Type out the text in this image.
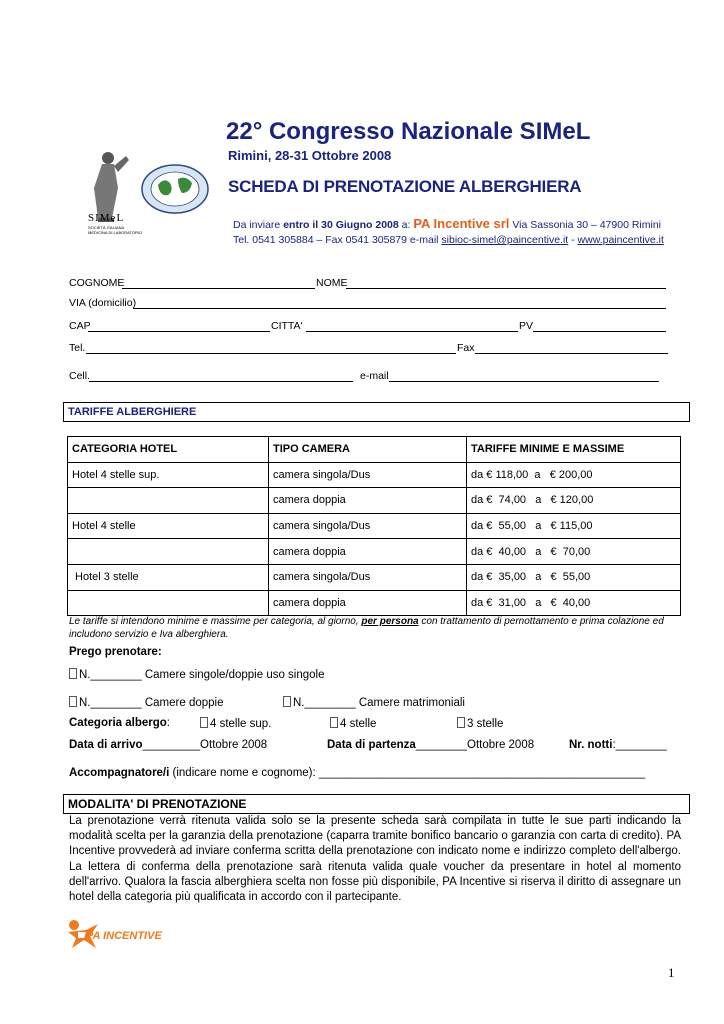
SIMeL
SOCIETÀ ITALIANA
MEDICINA DI LABORATORIO
22° Congresso Nazionale SIMeL
Rimini, 28-31 Ottobre 2008
SCHEDA DI PRENOTAZIONE ALBERGHIERA
Da inviare entro il 30 Giugno 2008 a: PA Incentive srl Via Sassonia 30 – 47900 Rimini
Tel. 0541 305884 – Fax 0541 305879 e-mail sibioc-simel@paincentive.it - www.paincentive.it
COGNOME	NOME
VIA (domicilio)
CAP	CITTA'	PV
Tel.	Fax
Cell.	e-mail
TARIFFE ALBERGHIERE
CATEGORIA HOTEL	TIPO CAMERA	TARIFFE MINIME E MASSIME
Hotel 4 stelle sup.	camera singola/Dus	da € 118,00  a   € 200,00
	camera doppia	da €  74,00   a   € 120,00
Hotel 4 stelle	camera singola/Dus	da €  55,00   a   € 115,00
	camera doppia	da €  40,00   a   €  70,00
Hotel 3 stelle	camera singola/Dus	da €  35,00   a   €  55,00
	camera doppia	da €  31,00   a   €  40,00
Le tariffe si intendono minime e massime per categoria, al giorno, per persona con trattamento di pernottamento e prima colazione ed includono servizio e Iva alberghiera.
Prego prenotare:
N.________ Camere singole/doppie uso singole
N.________ Camere doppie	N.________ Camere matrimoniali
Categoria albergo:	4 stelle sup.	4 stelle	3 stelle
Data di arrivo_________Ottobre 2008	Data di partenza________Ottobre 2008	Nr. notti:________
Accompagnatore/i (indicare nome e cognome): ___________________________________________________
MODALITA' DI PRENOTAZIONE
La prenotazione verrà ritenuta valida solo se la presente scheda sarà compilata in tutte le sue parti indicando la modalità scelta per la garanzia della prenotazione (caparra tramite bonifico bancario o garanzia con carta di credito). PA Incentive provvederà ad inviare conferma scritta della prenotazione con indicato nome e indirizzo completo dell'albergo. La lettera di conferma della prenotazione sarà ritenuta valida quale voucher da presentare in hotel al momento dell'arrivo. Qualora la fascia alberghiera scelta non fosse più disponibile, PA Incentive si riserva il diritto di assegnare un hotel della categoria più qualificata in accordo con il partecipante.
PA INCENTIVE
1
